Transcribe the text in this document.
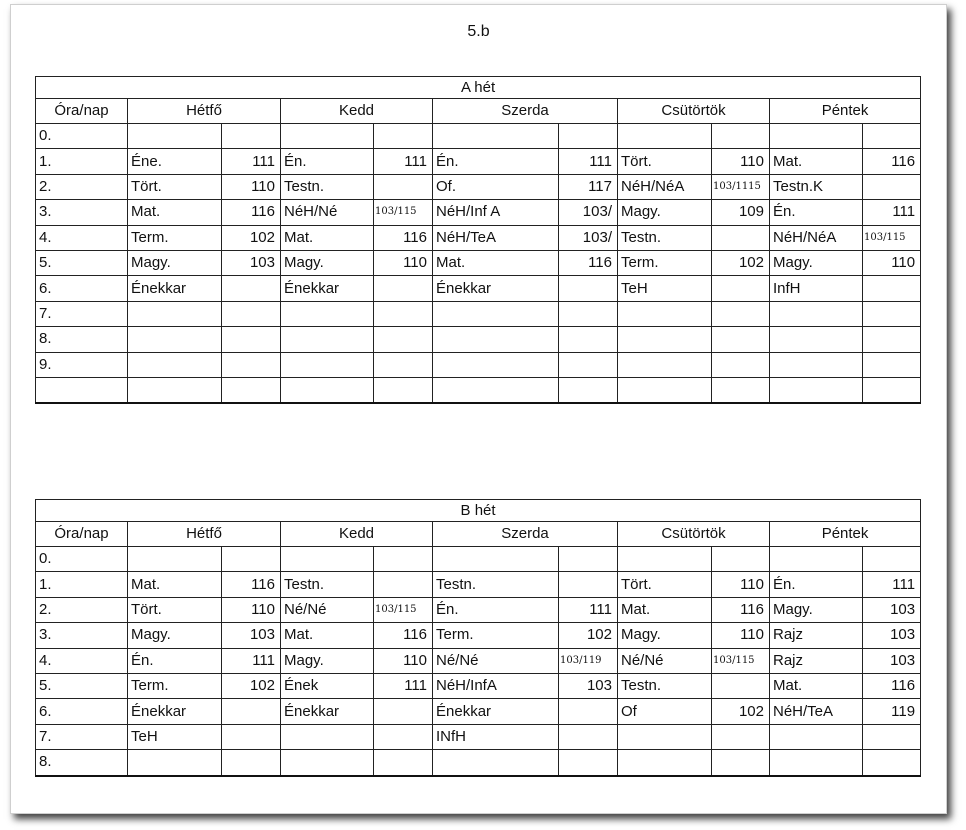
5.b
A hét										
Óra/nap	Hétfő		Kedd		Szerda		Csütörtök		Péntek	
0.										
1.	Éne.	111	Én.	111	Én.	111	Tört.	110	Mat.	116
2.	Tört.	110	Testn.		Of.	117	NéH/NéA	103/1115	Testn.K	
3.	Mat.	116	NéH/Né	103/115	NéH/Inf A	103/	Magy.	109	Én.	111
4.	Term.	102	Mat.	116	NéH/TeA	103/	Testn.		NéH/NéA	103/115
5.	Magy.	103	Magy.	110	Mat.	116	Term.	102	Magy.	110
6.	Énekkar		Énekkar		Énekkar		TeH		InfH	
7.										
8.										
9.										

B hét										
Óra/nap	Hétfő		Kedd		Szerda		Csütörtök		Péntek	
0.										
1.	Mat.	116	Testn.		Testn.		Tört.	110	Én.	111
2.	Tört.	110	Né/Né	103/115	Én.	111	Mat.	116	Magy.	103
3.	Magy.	103	Mat.	116	Term.	102	Magy.	110	Rajz	103
4.	Én.	111	Magy.	110	Né/Né	103/119	Né/Né	103/115	Rajz	103
5.	Term.	102	Ének	111	NéH/InfA	103	Testn.		Mat.	116
6.	Énekkar		Énekkar		Énekkar		Of	102	NéH/TeA	119
7.	TeH				INfH					
8.										
